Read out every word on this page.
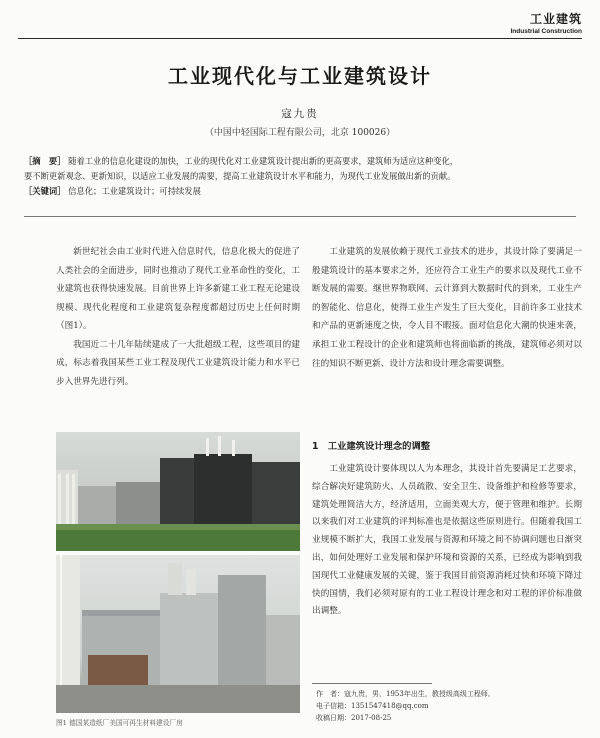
工业建筑
Industrial Construction
工业现代化与工业建筑设计
寇九贵
（中国中轻国际工程有限公司，北京 100026）
［摘　要］ 随着工业的信息化建设的加快，工业的现代化对工业建筑设计提出新的更高要求，建筑师为适应这种变化，
要不断更新观念、更新知识，以适应工业发展的需要，提高工业建筑设计水平和能力，为现代工业发展做出新的贡献。
［关键词］ 信息化；工业建筑设计；可持续发展

新世纪社会由工业时代进入信息时代，信息化极大的促进了人类社会的全面进步，同时也推动了现代工业革命性的变化，工业建筑也获得快速发展。目前世界上许多新建工业工程无论建设规模、现代化程度和工业建筑复杂程度都超过历史上任何时期（图1）。

我国近二十几年陆续建成了一大批超级工程，这些项目的建成，标志着我国某些工业工程及现代工业建筑设计能力和水平已步入世界先进行列。

图1 德国某造纸厂美国可再生材料建设厂房

工业建筑的发展依赖于现代工业技术的进步，其设计除了要满足一般建筑设计的基本要求之外，还应符合工业生产的要求以及现代工业不断发展的需要。继世界物联网、云计算到大数据时代的到来，工业生产的智能化、信息化，使得工业生产发生了巨大变化，目前许多工业技术和产品的更新速度之快，令人目不暇接。面对信息化大潮的快速来袭，承担工业工程设计的企业和建筑师也将面临新的挑战，建筑师必须对以往的知识不断更新、设计方法和设计理念需要调整。

1　工业建筑设计理念的调整

工业建筑设计要体现以人为本理念，其设计首先要满足工艺要求，综合解决好建筑防火、人员疏散、安全卫生、设备维护和检修等要求，建筑处理简洁大方，经济适用，立面美观大方，便于管理和维护。长期以来我们对工业建筑的评判标准也是依据这些原则进行。但随着我国工业规模不断扩大，我国工业发展与资源和环境之间不协调问题也日渐突出，如何处理好工业发展和保护环境和资源的关系，已经成为影响到我国现代工业健康发展的关键，鉴于我国目前资源消耗过快和环境下降过快的国情，我们必须对原有的工业工程设计理念和对工程的评价标准做出调整。

作　者：寇九贵，男，1953年出生，教授级高级工程师。
电子信箱：1351547418@qq.com
收稿日期：2017-08-25
